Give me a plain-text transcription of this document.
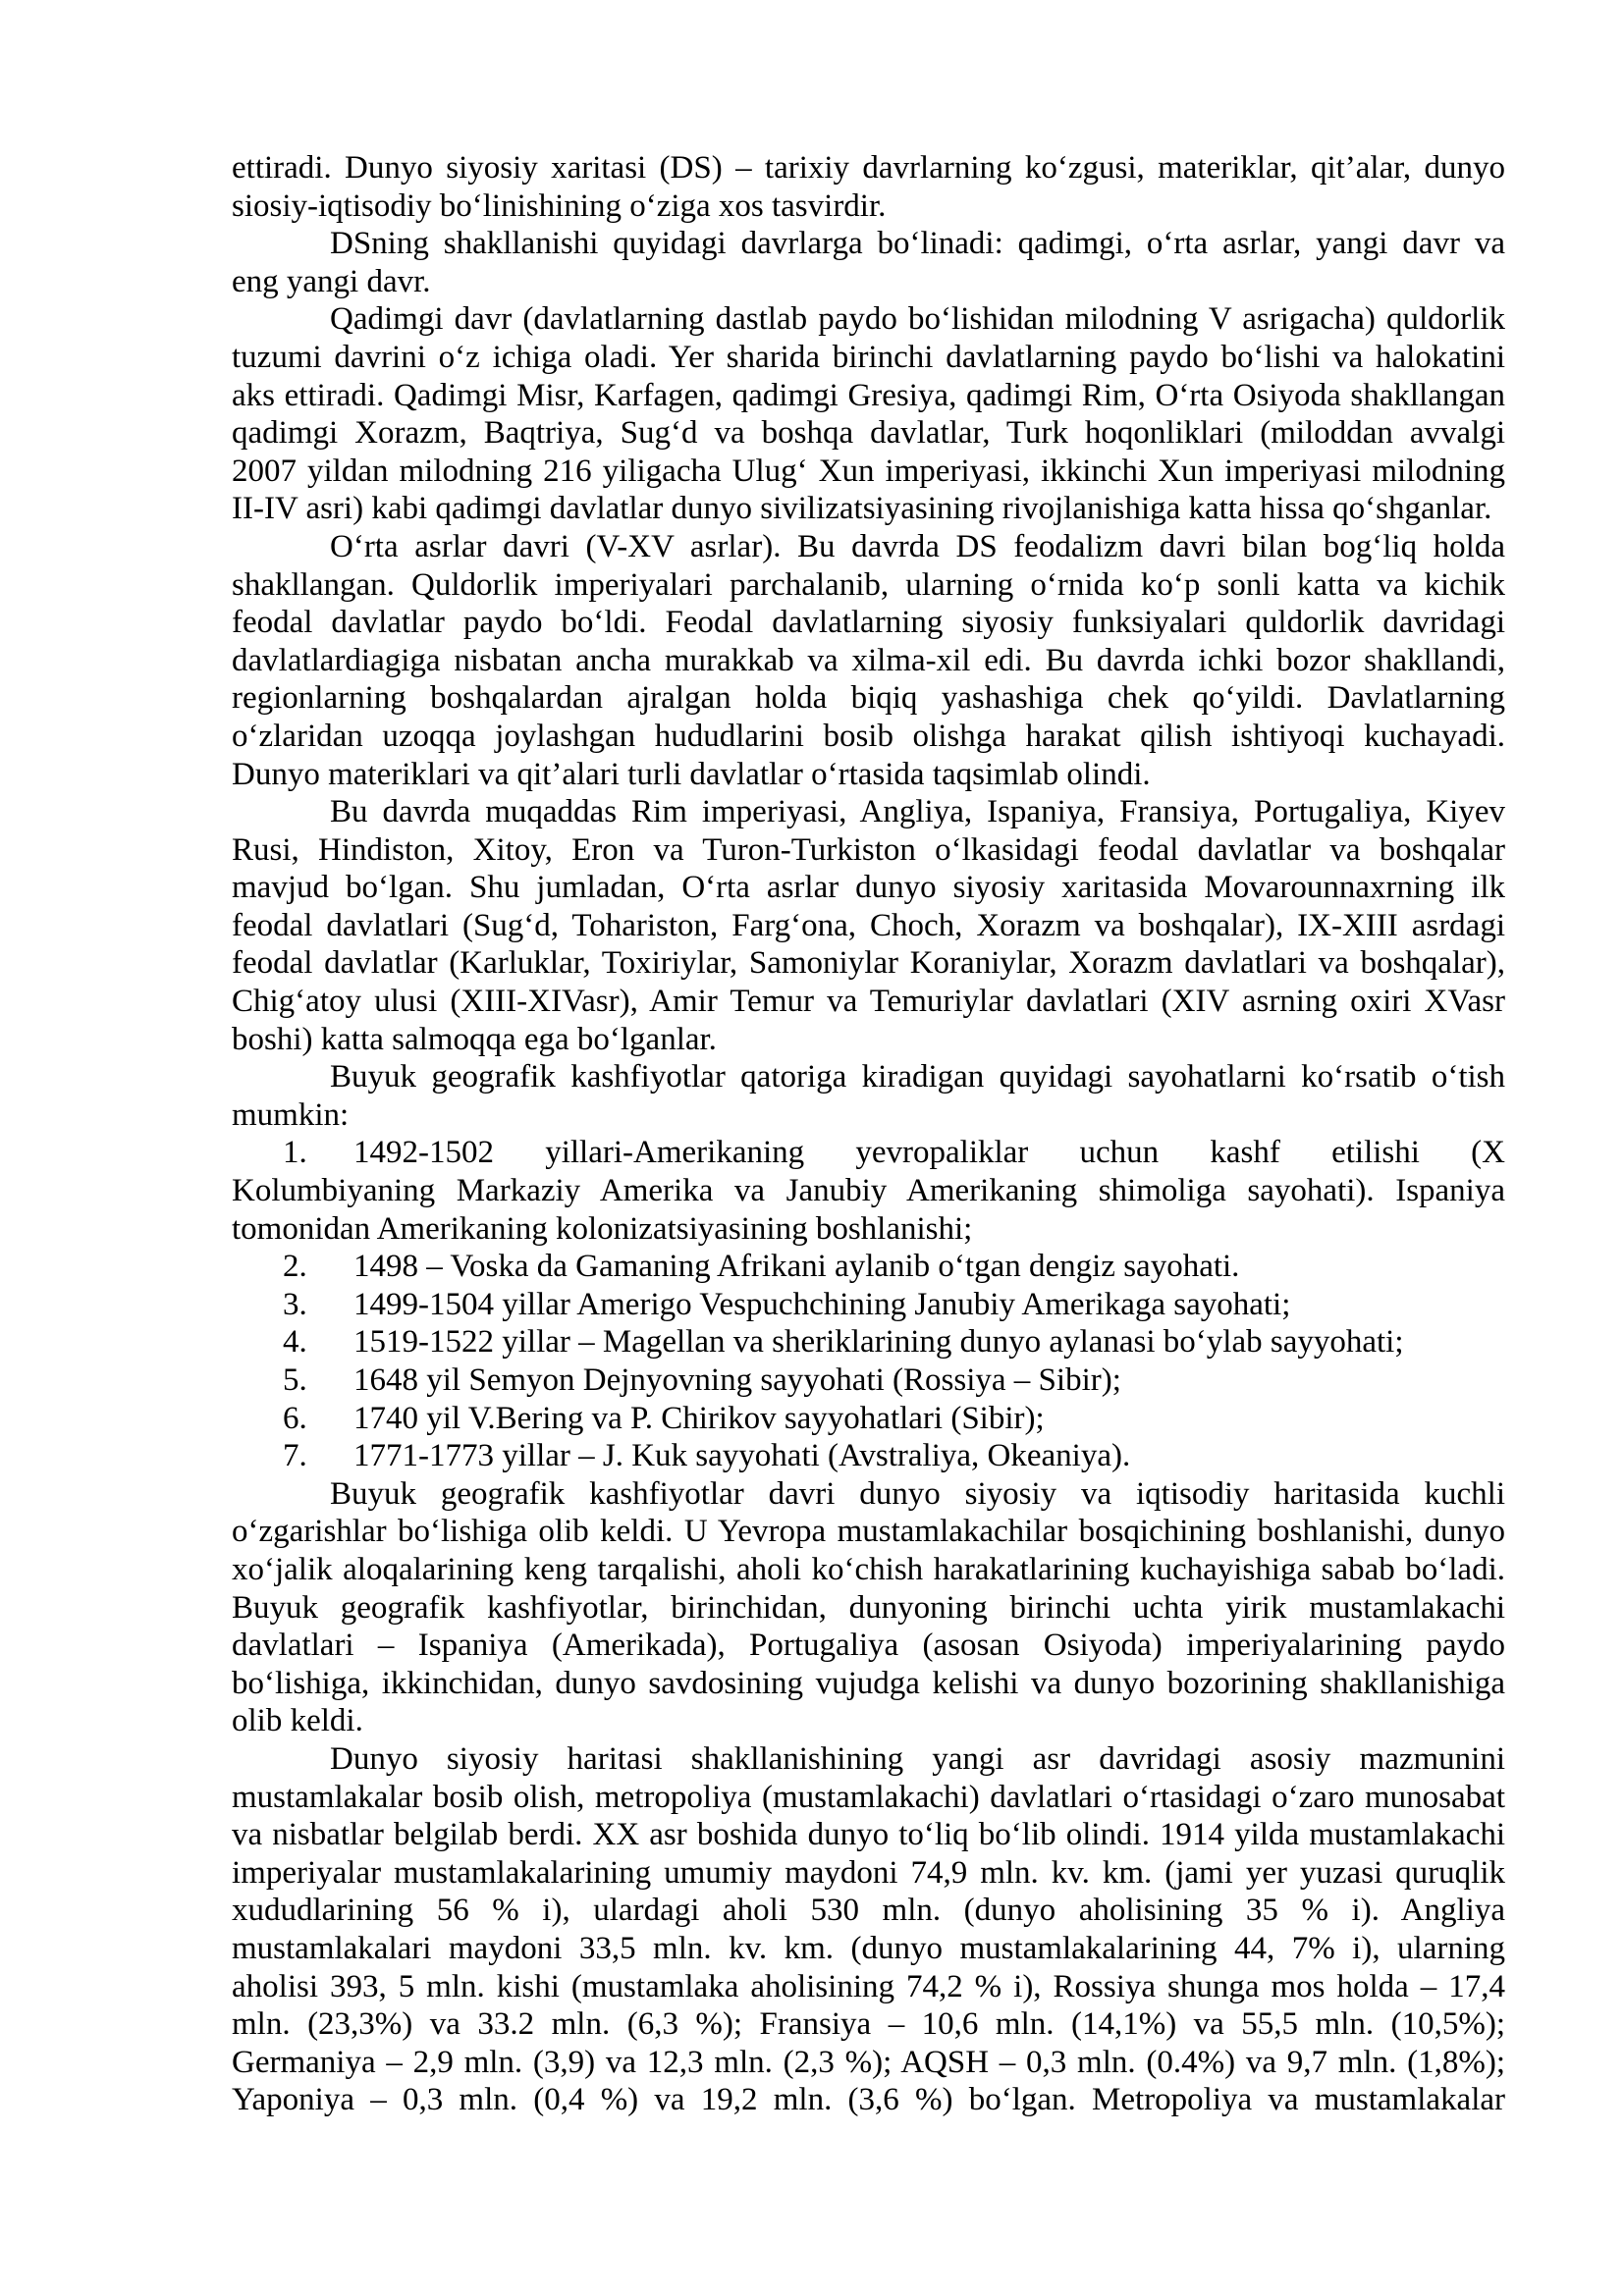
ettiradi. Dunyo siyosiy xaritasi (DS) – tarixiy davrlarning ko‘zgusi, materiklar, qit’alar, dunyo
siosiy-iqtisodiy bo‘linishining o‘ziga xos tasvirdir.
DSning shakllanishi quyidagi davrlarga bo‘linadi: qadimgi, o‘rta asrlar, yangi davr va
eng yangi davr.
Qadimgi davr (davlatlarning dastlab paydo bo‘lishidan milodning V asrigacha) quldorlik
tuzumi davrini o‘z ichiga oladi. Yer sharida birinchi davlatlarning paydo bo‘lishi va halokatini
aks ettiradi. Qadimgi Misr, Karfagen, qadimgi Gresiya, qadimgi Rim, O‘rta Osiyoda shakllangan
qadimgi Xorazm, Baqtriya, Sug‘d va boshqa davlatlar, Turk hoqonliklari (miloddan avvalgi
2007 yildan milodning 216 yiligacha Ulug‘ Xun imperiyasi, ikkinchi Xun imperiyasi milodning
II-IV asri) kabi qadimgi davlatlar dunyo sivilizatsiyasining rivojlanishiga katta hissa qo‘shganlar.
O‘rta asrlar davri (V-XV asrlar). Bu davrda DS feodalizm davri bilan bog‘liq holda
shakllangan. Quldorlik imperiyalari parchalanib, ularning o‘rnida ko‘p sonli katta va kichik
feodal davlatlar paydo bo‘ldi. Feodal davlatlarning siyosiy funksiyalari quldorlik davridagi
davlatlardiagiga nisbatan ancha murakkab va xilma-xil edi. Bu davrda ichki bozor shakllandi,
regionlarning boshqalardan ajralgan holda biqiq yashashiga chek qo‘yildi. Davlatlarning
o‘zlaridan uzoqqa joylashgan hududlarini bosib olishga harakat qilish ishtiyoqi kuchayadi.
Dunyo materiklari va qit’alari turli davlatlar o‘rtasida taqsimlab olindi.
Bu davrda muqaddas Rim imperiyasi, Angliya, Ispaniya, Fransiya, Portugaliya, Kiyev
Rusi, Hindiston, Xitoy, Eron va Turon-Turkiston o‘lkasidagi feodal davlatlar va boshqalar
mavjud bo‘lgan. Shu jumladan, O‘rta asrlar dunyo siyosiy xaritasida Movarounnaxrning ilk
feodal davlatlari (Sug‘d, Tohariston, Farg‘ona, Choch, Xorazm va boshqalar), IX-XIII asrdagi
feodal davlatlar (Karluklar, Toxiriylar, Samoniylar Koraniylar, Xorazm davlatlari va boshqalar),
Chig‘atoy ulusi (XIII-XIVasr), Amir Temur va Temuriylar davlatlari (XIV asrning oxiri XVasr
boshi) katta salmoqqa ega bo‘lganlar.
Buyuk geografik kashfiyotlar qatoriga kiradigan quyidagi sayohatlarni ko‘rsatib o‘tish
mumkin:
1.	1492-1502 yillari-Amerikaning yevropaliklar uchun kashf etilishi (X
Kolumbiyaning Markaziy Amerika va Janubiy Amerikaning shimoliga sayohati). Ispaniya
tomonidan Amerikaning kolonizatsiyasining boshlanishi;
2.	1498 – Voska da Gamaning Afrikani aylanib o‘tgan dengiz sayohati.
3.	1499-1504 yillar Amerigo Vespuchchining Janubiy Amerikaga sayohati;
4.	1519-1522 yillar – Magellan va sheriklarining dunyo aylanasi bo‘ylab sayyohati;
5.	1648 yil Semyon Dejnyovning sayyohati (Rossiya – Sibir);
6.	1740 yil V.Bering va P. Chirikov sayyohatlari (Sibir);
7.	1771-1773 yillar – J. Kuk sayyohati (Avstraliya, Okeaniya).
Buyuk geografik kashfiyotlar davri dunyo siyosiy va iqtisodiy haritasida kuchli
o‘zgarishlar bo‘lishiga olib keldi. U Yevropa mustamlakachilar bosqichining boshlanishi, dunyo
xo‘jalik aloqalarining keng tarqalishi, aholi ko‘chish harakatlarining kuchayishiga sabab bo‘ladi.
Buyuk geografik kashfiyotlar, birinchidan, dunyoning birinchi uchta yirik mustamlakachi
davlatlari – Ispaniya (Amerikada), Portugaliya (asosan Osiyoda) imperiyalarining paydo
bo‘lishiga, ikkinchidan, dunyo savdosining vujudga kelishi va dunyo bozorining shakllanishiga
olib keldi.
Dunyo siyosiy haritasi shakllanishining yangi asr davridagi asosiy mazmunini
mustamlakalar bosib olish, metropoliya (mustamlakachi) davlatlari o‘rtasidagi o‘zaro munosabat
va nisbatlar belgilab berdi. XX asr boshida dunyo to‘liq bo‘lib olindi. 1914 yilda mustamlakachi
imperiyalar mustamlakalarining umumiy maydoni 74,9 mln. kv. km. (jami yer yuzasi quruqlik
xududlarining 56 % i), ulardagi aholi 530 mln. (dunyo aholisining 35 % i). Angliya
mustamlakalari maydoni 33,5 mln. kv. km. (dunyo mustamlakalarining 44, 7% i), ularning
aholisi 393, 5 mln. kishi (mustamlaka aholisining 74,2 % i), Rossiya shunga mos holda – 17,4
mln. (23,3%) va 33.2 mln. (6,3 %); Fransiya – 10,6 mln. (14,1%) va 55,5 mln. (10,5%);
Germaniya – 2,9 mln. (3,9) va 12,3 mln. (2,3 %); AQSH – 0,3 mln. (0.4%) va 9,7 mln. (1,8%);
Yaponiya – 0,3 mln. (0,4 %) va 19,2 mln. (3,6 %) bo‘lgan. Metropoliya va mustamlakalar
